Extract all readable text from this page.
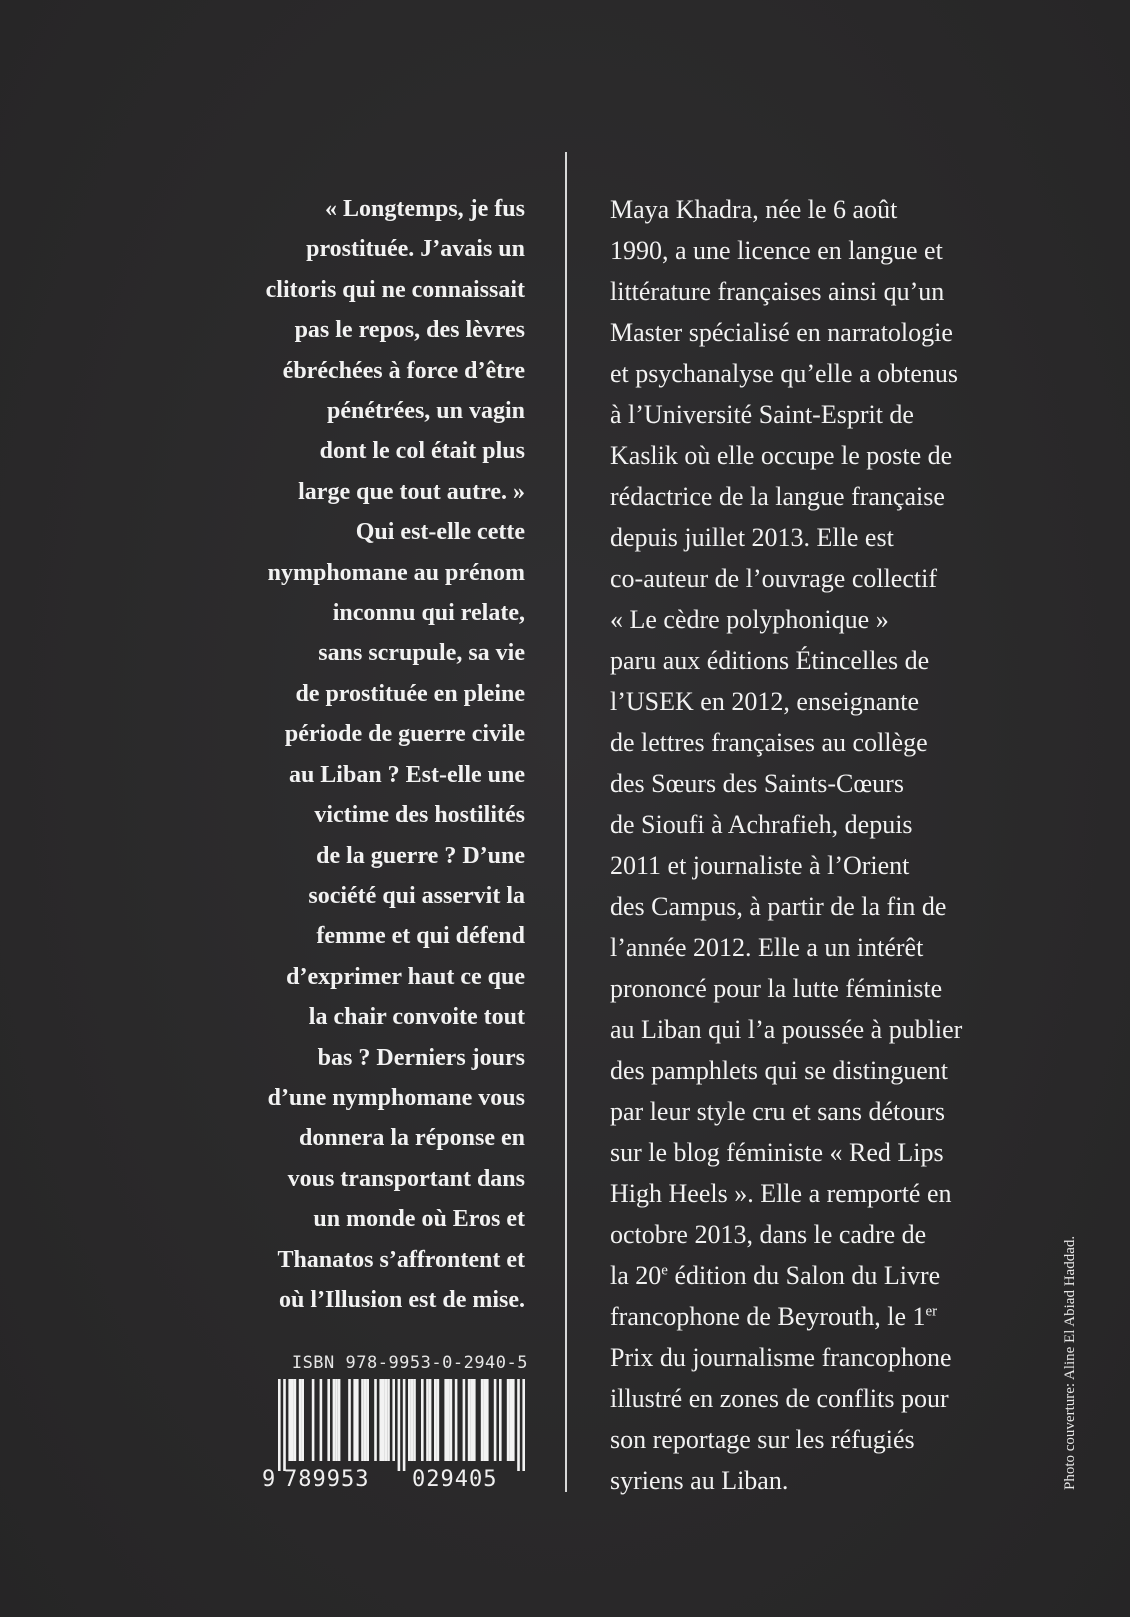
« Longtemps, je fus
prostituée. J’avais un
clitoris qui ne connaissait
pas le repos, des lèvres
ébréchées à force d’être
pénétrées, un vagin
dont le col était plus
large que tout autre. »
Qui est-elle cette
nymphomane au prénom
inconnu qui relate,
sans scrupule, sa vie
de prostituée en pleine
période de guerre civile
au Liban ? Est-elle une
victime des hostilités
de la guerre ? D’une
société qui asservit la
femme et qui défend
d’exprimer haut ce que
la chair convoite tout
bas ? Derniers jours
d’une nymphomane vous
donnera la réponse en
vous transportant dans
un monde où Eros et
Thanatos s’affrontent et
où l’Illusion est de mise.
Maya Khadra, née le 6 août
1990, a une licence en langue et
littérature françaises ainsi qu’un
Master spécialisé en narratologie
et psychanalyse qu’elle a obtenus
à l’Université Saint-Esprit de
Kaslik où elle occupe le poste de
rédactrice de la langue française
depuis juillet 2013. Elle est
co-auteur de l’ouvrage collectif
« Le cèdre polyphonique »
paru aux éditions Étincelles de
l’USEK en 2012, enseignante
de lettres françaises au collège
des Sœurs des Saints-Cœurs
de Sioufi à Achrafieh, depuis
2011 et journaliste à l’Orient
des Campus, à partir de la fin de
l’année 2012. Elle a un intérêt
prononcé pour la lutte féministe
au Liban qui l’a poussée à publier
des pamphlets qui se distinguent
par leur style cru et sans détours
sur le blog féministe « Red Lips
High Heels ». Elle a remporté en
octobre 2013, dans le cadre de
la 20e édition du Salon du Livre
francophone de Beyrouth, le 1er
Prix du journalisme francophone
illustré en zones de conflits pour
son reportage sur les réfugiés
syriens au Liban.
ISBN 978-9953-0-2940-5
9 789953 029405	Photo couverture: Aline El Abiad Haddad.
